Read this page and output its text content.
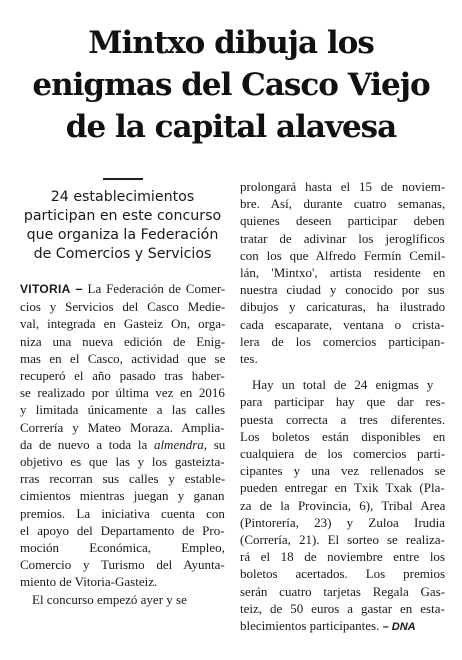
Mintxo dibuja los
enigmas del Casco Viejo
de la capital alavesa
24 establecimientos
participan en este concurso
que organiza la Federación
de Comercios y Servicios
VITORIA – La Federación de Comer-
cios y Servicios del Casco Medie-
val, integrada en Gasteiz On, orga-
niza una nueva edición de Enig-
mas en el Casco, actividad que se
recuperó el año pasado tras haber-
se realizado por última vez en 2016
y limitada únicamente a las calles
Correría y Mateo Moraza. Amplia-
da de nuevo a toda la almendra, su
objetivo es que las y los gasteizta-
rras recorran sus calles y estable-
cimientos mientras juegan y ganan
premios. La iniciativa cuenta con
el apoyo del Departamento de Pro-
moción Económica, Empleo,
Comercio y Turismo del Ayunta-
miento de Vitoria-Gasteiz.
El concurso empezó ayer y se
prolongará hasta el 15 de noviem-
bre. Así, durante cuatro semanas,
quienes deseen participar deben
tratar de adivinar los jeroglíficos
con los que Alfredo Fermín Cemil-
lán, 'Mintxo', artista residente en
nuestra ciudad y conocido por sus
dibujos y caricaturas, ha ilustrado
cada escaparate, ventana o crista-
lera de los comercios participan-
tes.
Hay un total de 24 enigmas y
para participar hay que dar res-
puesta correcta a tres diferentes.
Los boletos están disponibles en
cualquiera de los comercios parti-
cipantes y una vez rellenados se
pueden entregar en Txik Txak (Pla-
za de la Provincia, 6), Tribal Area
(Pintorería, 23) y Zuloa Irudia
(Correría, 21). El sorteo se realiza-
rá el 18 de noviembre entre los
boletos acertados. Los premios
serán cuatro tarjetas Regala Gas-
teiz, de 50 euros a gastar en esta-
blecimientos participantes. – DNA
